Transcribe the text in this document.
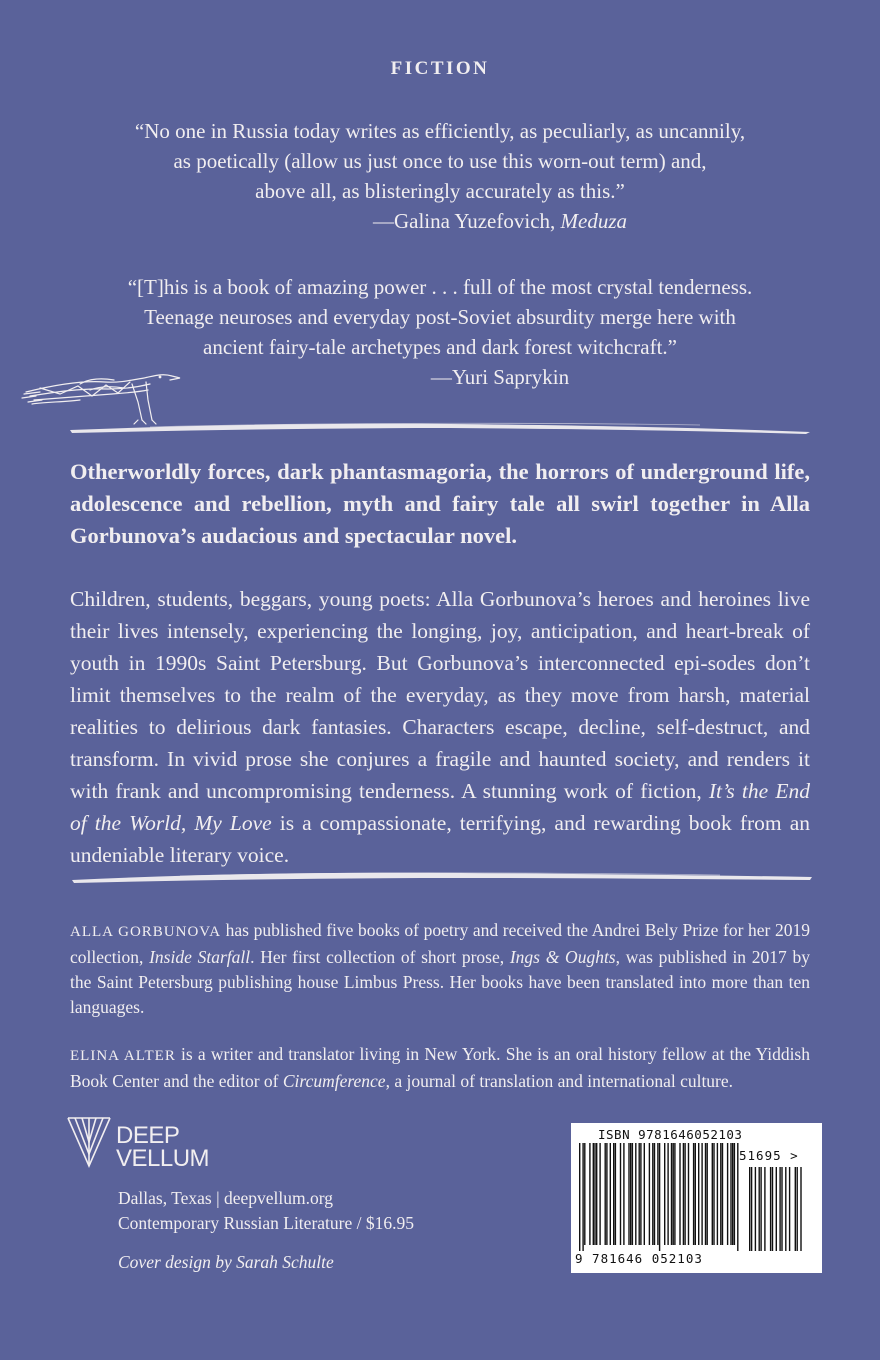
FICTION

“No one in Russia today writes as efficiently, as peculiarly, as uncannily,

as poetically (allow us just once to use this worn-out term) and,

above all, as blisteringly accurately as this.”

—Galina Yuzefovich, Meduza

“[T]his is a book of amazing power . . . full of the most crystal tenderness.

Teenage neuroses and everyday post-Soviet absurdity merge here with

ancient fairy-tale archetypes and dark forest witchcraft.”

—Yuri Saprykin

Otherworldly forces, dark phantasmagoria, the horrors of underground life, adolescence and rebellion, myth and fairy tale all swirl together in Alla Gorbunova’s audacious and spectacular novel.
Children, students, beggars, young poets: Alla Gorbunova’s heroes and heroines live their lives intensely, experiencing the longing, joy, anticipation, and heart-break of youth in 1990s Saint Petersburg. But Gorbunova’s interconnected epi-sodes don’t limit themselves to the realm of the everyday, as they move from harsh, material realities to delirious dark fantasies. Characters escape, decline, self-destruct, and transform. In vivid prose she conjures a fragile and haunted society, and renders it with frank and uncompromising tenderness. A stunning work of fiction, It’s the End of the World, My Love is a compassionate, terrifying, and rewarding book from an undeniable literary voice.
ALLA GORBUNOVA has published five books of poetry and received the Andrei Bely Prize for her 2019 collection, Inside Starfall. Her first collection of short prose, Ings & Oughts, was published in 2017 by the Saint Petersburg publishing house Limbus Press. Her books have been translated into more than ten languages.
ELINA ALTER is a writer and translator living in New York. She is an oral history fellow at the Yiddish Book Center and the editor of Circumference, a journal of translation and international culture.
DEEP
VELLUM
Dallas, Texas | deepvellum.org
Contemporary Russian Literature / $16.95
Cover design by Sarah Schulte
ISBN 9781646052103
51695 >
9 781646 052103
